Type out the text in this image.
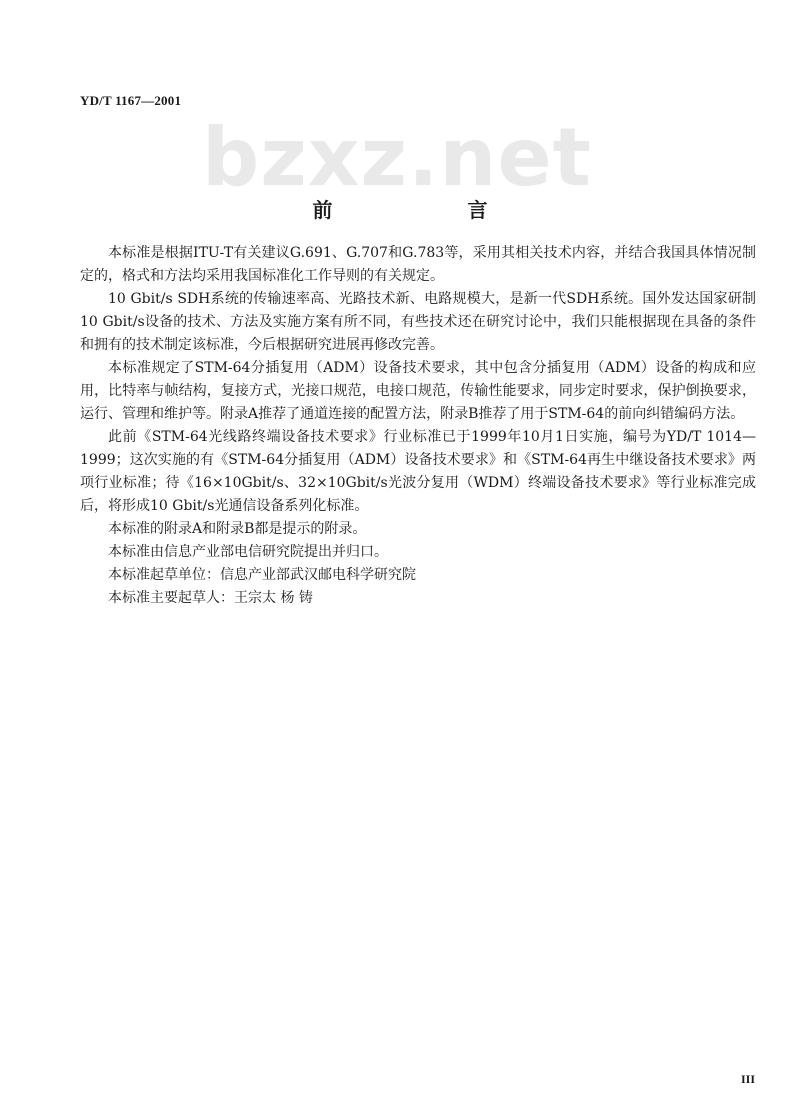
YD/T 1167—2001
bzxz.net
前 言

本标准是根据ITU-T有关建议G.691、G.707和G.783等，采用其相关技术内容，并结合我国具体情况制定的，格式和方法均采用我国标准化工作导则的有关规定。

10 Gbit/s SDH系统的传输速率高、光路技术新、电路规模大，是新一代SDH系统。国外发达国家研制10 Gbit/s设备的技术、方法及实施方案有所不同，有些技术还在研究讨论中，我们只能根据现在具备的条件和拥有的技术制定该标准，今后根据研究进展再修改完善。

本标准规定了STM-64分插复用（ADM）设备技术要求，其中包含分插复用（ADM）设备的构成和应用，比特率与帧结构，复接方式，光接口规范，电接口规范，传输性能要求，同步定时要求，保护倒换要求，运行、管理和维护等。附录A推荐了通道连接的配置方法，附录B推荐了用于STM-64的前向纠错编码方法。

此前《STM-64光线路终端设备技术要求》行业标准已于1999年10月1日实施，编号为YD/T 1014—1999；这次实施的有《STM-64分插复用（ADM）设备技术要求》和《STM-64再生中继设备技术要求》两项行业标准；待《16×10Gbit/s、32×10Gbit/s光波分复用（WDM）终端设备技术要求》等行业标准完成后，将形成10 Gbit/s光通信设备系列化标准。

本标准的附录A和附录B都是提示的附录。

本标准由信息产业部电信研究院提出并归口。

本标准起草单位：信息产业部武汉邮电科学研究院

本标准主要起草人：王宗太 杨 铸

III
